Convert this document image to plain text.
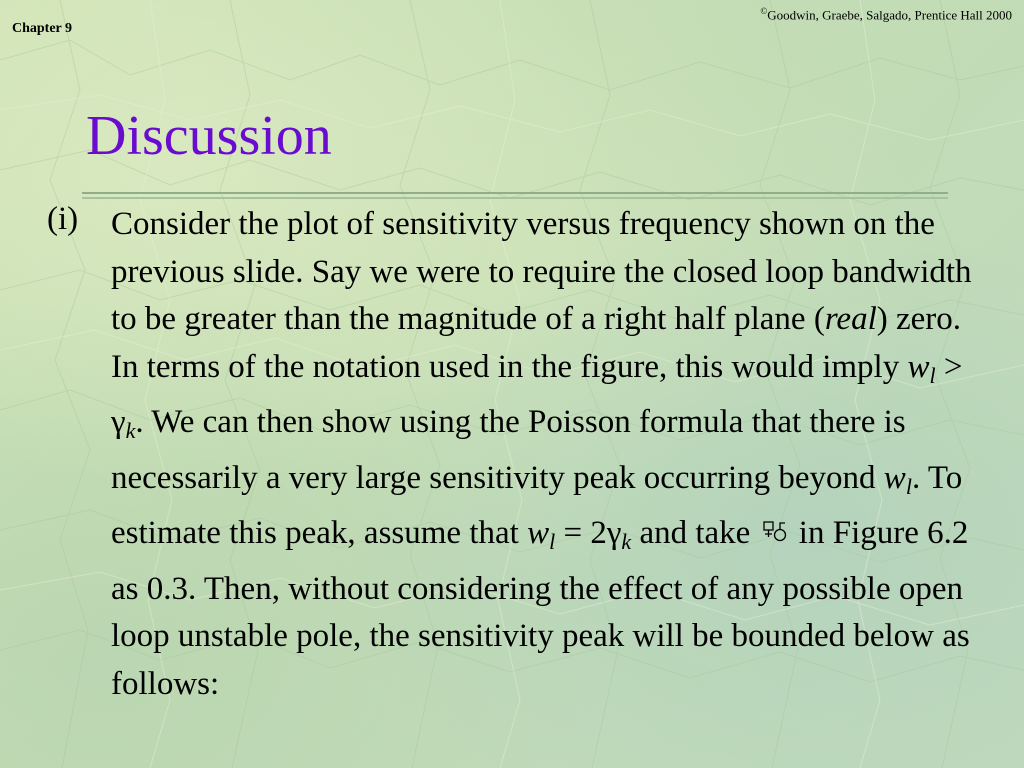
Chapter 9
©Goodwin, Graebe, Salgado, Prentice Hall 2000
Discussion
(i) Consider the plot of sensitivity versus frequency shown on the previous slide. Say we were to require the closed loop bandwidth to be greater than the magnitude of a right half plane (real) zero. In terms of the notation used in the figure, this would imply $w_l > \gamma_k$. We can then show using the Poisson formula that there is necessarily a very large sensitivity peak occurring beyond $w_l$. To estimate this peak, assume that $w_l = 2\gamma_k$ and take  in Figure 6.2 as 0.3. Then, without considering the effect of any possible open loop unstable pole, the sensitivity peak will be bounded below as follows:
